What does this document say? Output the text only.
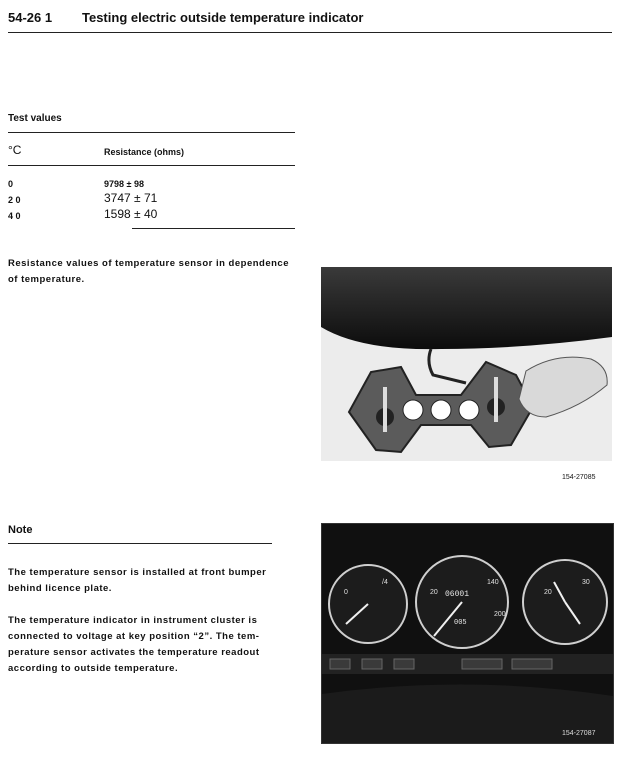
54-26 1 Testing electric outside temperature indicator
Test values
°C	Resistance (ohms)
0	9798 ± 98
2 0	3747 ± 71
4 0	1598 ± 40
Resistance values of temperature sensor in dependence
of temperature.
154-27085
Note
The temperature sensor is installed at front bumper
behind licence plate.
The temperature indicator in instrument cluster is
connected to voltage at key position “2”. The tem-
perature sensor activates the temperature readout
according to outside temperature.
0
/4
20
140
200
20
30
06001
005
154-27087
